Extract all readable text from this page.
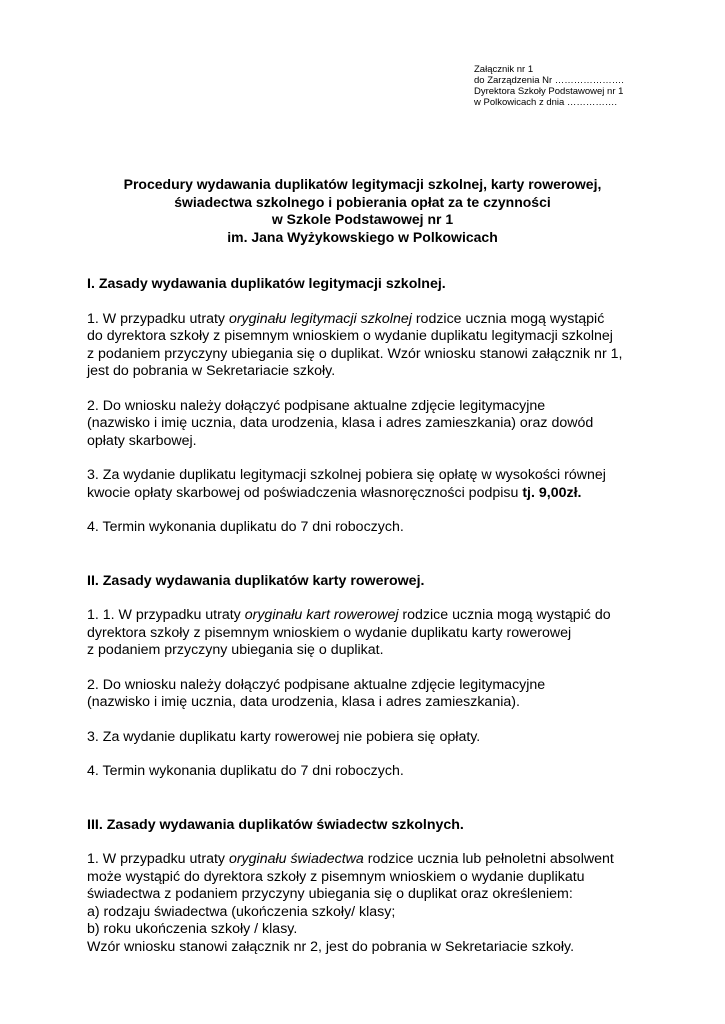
Załącznik nr 1
do Zarządzenia Nr ………………….
Dyrektora Szkoły Podstawowej nr 1
w Polkowicach z dnia …………….
Procedury wydawania duplikatów legitymacji szkolnej, karty rowerowej,
świadectwa szkolnego i pobierania opłat za te czynności
w Szkole Podstawowej nr 1
im. Jana Wyżykowskiego w Polkowicach

I. Zasady wydawania duplikatów legitymacji szkolnej.

1. W przypadku utraty oryginału legitymacji szkolnej rodzice ucznia mogą wystąpić
do dyrektora szkoły z pisemnym wnioskiem o wydanie duplikatu legitymacji szkolnej
z podaniem przyczyny ubiegania się o duplikat. Wzór wniosku stanowi załącznik nr 1,
jest do pobrania w Sekretariacie szkoły.

2. Do wniosku należy dołączyć podpisane aktualne zdjęcie legitymacyjne
(nazwisko i imię ucznia, data urodzenia, klasa i adres zamieszkania) oraz dowód
opłaty skarbowej.

3. Za wydanie duplikatu legitymacji szkolnej pobiera się opłatę w wysokości równej
kwocie opłaty skarbowej od poświadczenia własnoręczności podpisu tj. 9,00zł.

4. Termin wykonania duplikatu do 7 dni roboczych.

II. Zasady wydawania duplikatów karty rowerowej.

1. 1. W przypadku utraty oryginału kart rowerowej rodzice ucznia mogą wystąpić do
dyrektora szkoły z pisemnym wnioskiem o wydanie duplikatu karty rowerowej
z podaniem przyczyny ubiegania się o duplikat.

2. Do wniosku należy dołączyć podpisane aktualne zdjęcie legitymacyjne
(nazwisko i imię ucznia, data urodzenia, klasa i adres zamieszkania).

3. Za wydanie duplikatu karty rowerowej nie pobiera się opłaty.

4. Termin wykonania duplikatu do 7 dni roboczych.

III. Zasady wydawania duplikatów świadectw szkolnych.

1. W przypadku utraty oryginału świadectwa rodzice ucznia lub pełnoletni absolwent
może wystąpić do dyrektora szkoły z pisemnym wnioskiem o wydanie duplikatu
świadectwa z podaniem przyczyny ubiegania się o duplikat oraz określeniem:
a) rodzaju świadectwa (ukończenia szkoły/ klasy;
b) roku ukończenia szkoły / klasy.
Wzór wniosku stanowi załącznik nr 2, jest do pobrania w Sekretariacie szkoły.
